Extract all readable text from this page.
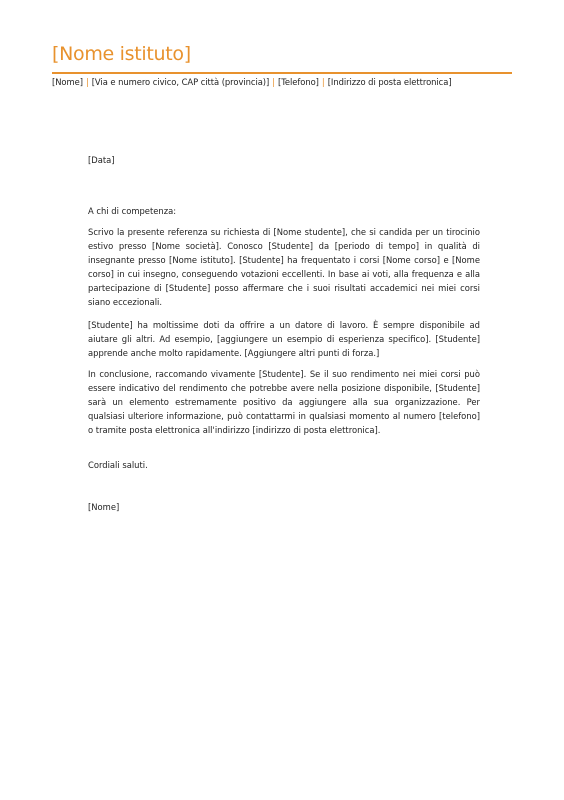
[Nome istituto]
[Nome] | [Via e numero civico, CAP città (provincia)] | [Telefono] | [Indirizzo di posta elettronica]
[Data]
A chi di competenza:

Scrivo la presente referenza su richiesta di [Nome studente], che si candida per un tirocinio estivo presso [Nome società]. Conosco [Studente] da [periodo di tempo] in qualità di insegnante presso [Nome istituto]. [Studente] ha frequentato i corsi [Nome corso] e [Nome corso] in cui insegno, conseguendo votazioni eccellenti. In base ai voti, alla frequenza e alla partecipazione di [Studente] posso affermare che i suoi risultati accademici nei miei corsi siano eccezionali.

[Studente] ha moltissime doti da offrire a un datore di lavoro. È sempre disponibile ad aiutare gli altri. Ad esempio, [aggiungere un esempio di esperienza specifico]. [Studente] apprende anche molto rapidamente. [Aggiungere altri punti di forza.]

In conclusione, raccomando vivamente [Studente]. Se il suo rendimento nei miei corsi può essere indicativo del rendimento che potrebbe avere nella posizione disponibile, [Studente] sarà un elemento estremamente positivo da aggiungere alla sua organizzazione. Per qualsiasi ulteriore informazione, può contattarmi in qualsiasi momento al numero [telefono] o tramite posta elettronica all'indirizzo [indirizzo di posta elettronica].

Cordiali saluti.
[Nome]
